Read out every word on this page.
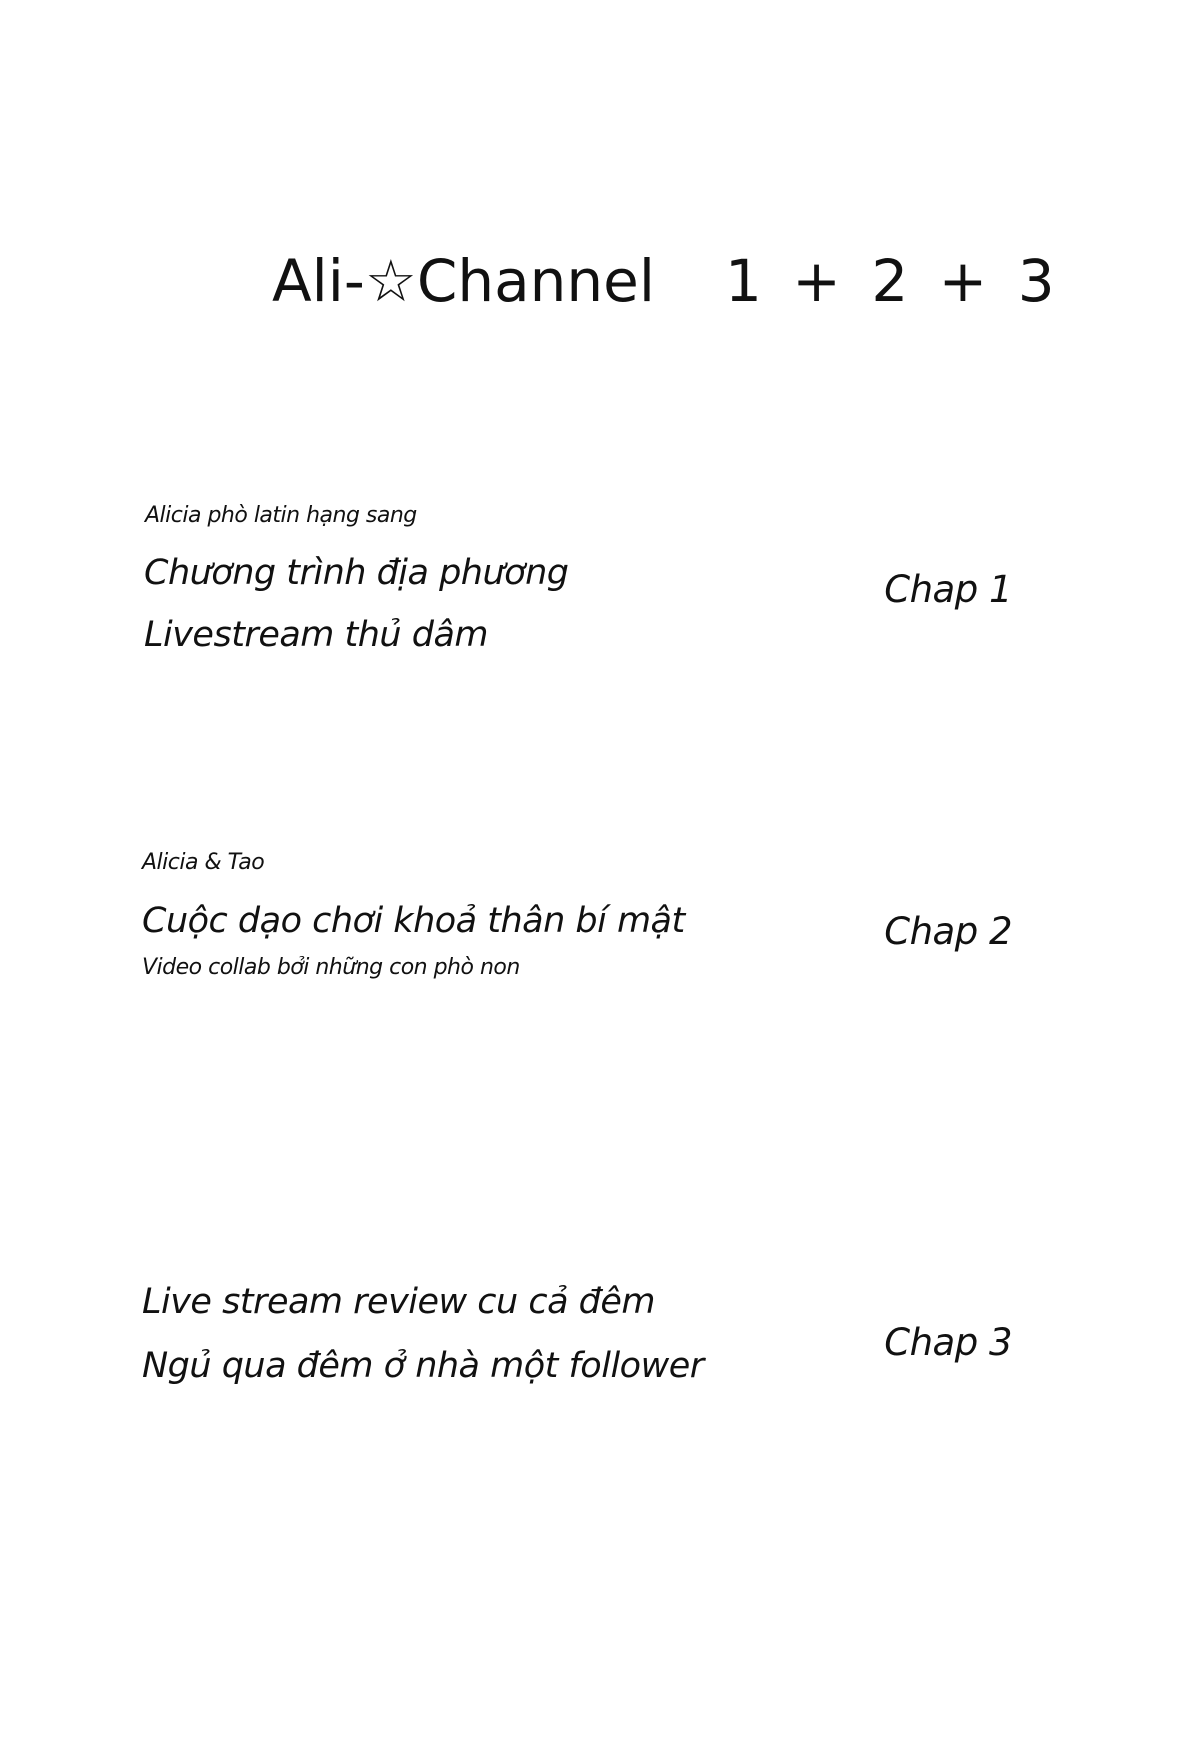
Ali-☆Channel 1 + 2 + 3
Alicia phò latin hạng sang
Chương trình địa phương
Livestream thủ dâm
Chap 1
Alicia & Tao
Cuộc dạo chơi khoả thân bí mật
Video collab bởi những con phò non
Chap 2
Live stream review cu cả đêm
Ngủ qua đêm ở nhà một follower
Chap 3
